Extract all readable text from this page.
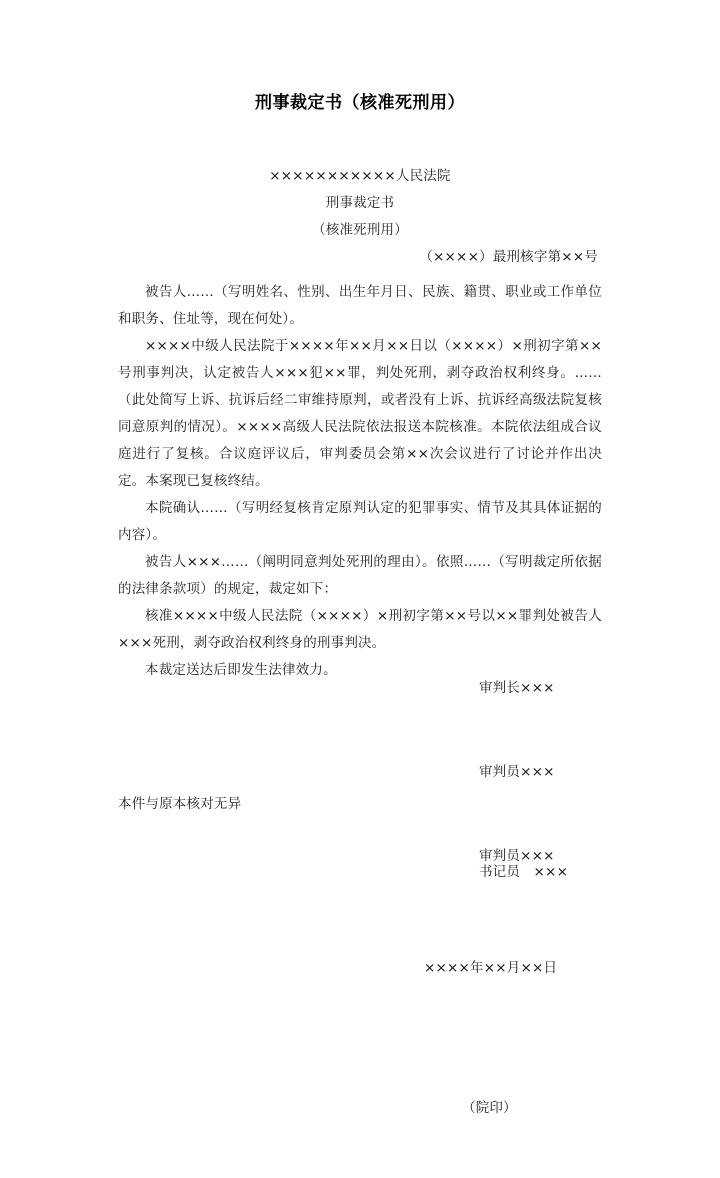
刑事裁定书（核准死刑用）
×××××××××××人民法院
刑事裁定书
（核准死刑用）
（××××）最刑核字第××号

被告人……（写明姓名、性别、出生年月日、民族、籍贯、职业或工作单位和职务、住址等，现在何处）。

××××中级人民法院于××××年××月××日以（××××）×刑初字第××号刑事判决，认定被告人×××犯××罪，判处死刑，剥夺政治权利终身。……（此处简写上诉、抗诉后经二审维持原判，或者没有上诉、抗诉经高级法院复核同意原判的情况）。××××高级人民法院依法报送本院核准。本院依法组成合议庭进行了复核。合议庭评议后，审判委员会第××次会议进行了讨论并作出决定。本案现已复核终结。

本院确认……（写明经复核肯定原判认定的犯罪事实、情节及其具体证据的内容）。

被告人×××……（阐明同意判处死刑的理由）。依照……（写明裁定所依据的法律条款项）的规定，裁定如下：

核准××××中级人民法院（××××）×刑初字第××号以××罪判处被告人×××死刑，剥夺政治权利终身的刑事判决。

本裁定送达后即发生法律效力。

审判长×××

审判员×××

审判员×××

××××年××月××日

（院印）

本件与原本核对无异

书记员 ×××
